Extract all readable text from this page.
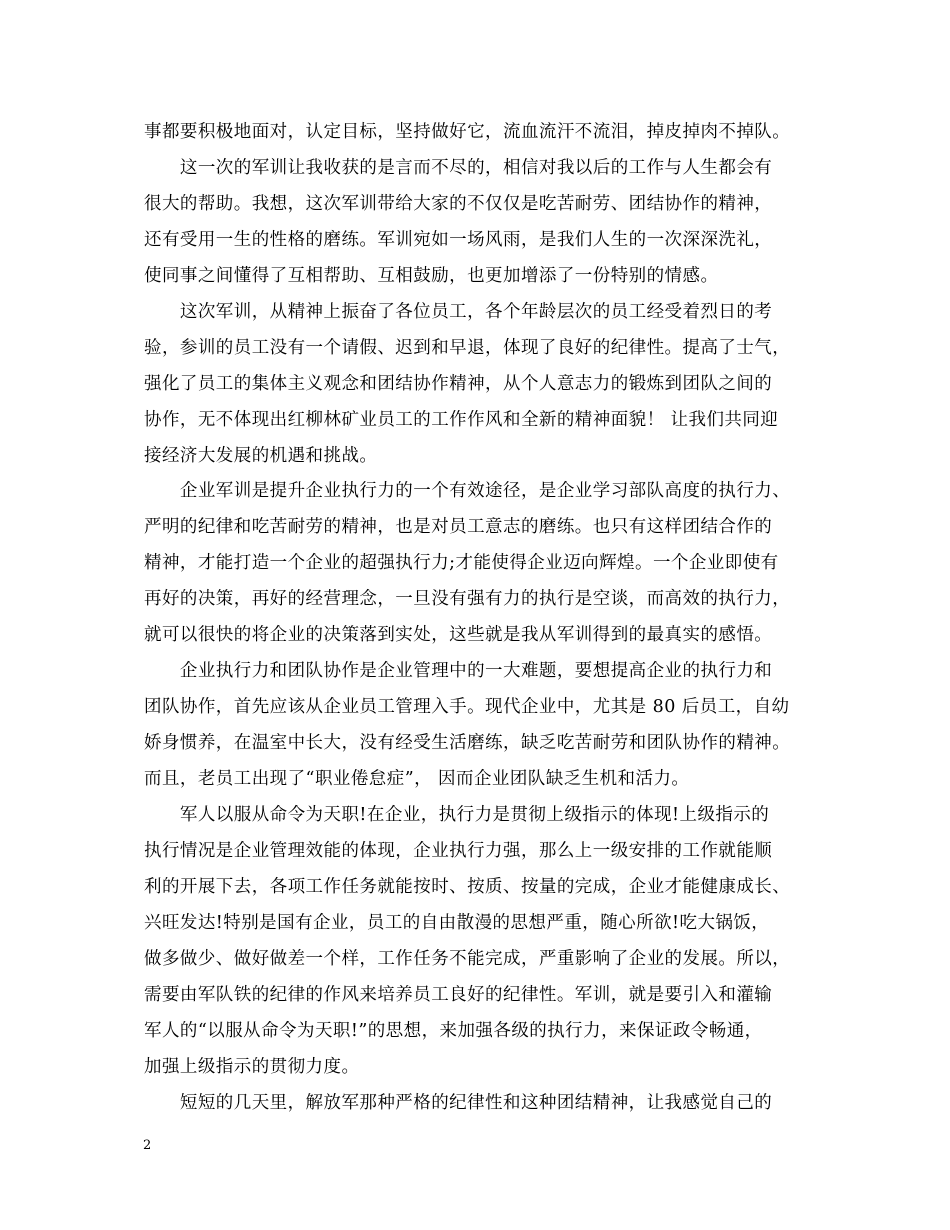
事都要积极地面对，认定目标，坚持做好它，流血流汗不流泪，掉皮掉肉不掉队。
　　这一次的军训让我收获的是言而不尽的，相信对我以后的工作与人生都会有
很大的帮助。我想，这次军训带给大家的不仅仅是吃苦耐劳、团结协作的精神，
还有受用一生的性格的磨练。军训宛如一场风雨，是我们人生的一次深深洗礼，
使同事之间懂得了互相帮助、互相鼓励，也更加增添了一份特别的情感。
　　这次军训，从精神上振奋了各位员工，各个年龄层次的员工经受着烈日的考
验，参训的员工没有一个请假、迟到和早退，体现了良好的纪律性。提高了士气，
强化了员工的集体主义观念和团结协作精神，从个人意志力的锻炼到团队之间的
协作，无不体现出红柳林矿业员工的工作作风和全新的精神面貌！ 让我们共同迎
接经济大发展的机遇和挑战。
　　企业军训是提升企业执行力的一个有效途径，是企业学习部队高度的执行力、
严明的纪律和吃苦耐劳的精神，也是对员工意志的磨练。也只有这样团结合作的
精神，才能打造一个企业的超强执行力;才能使得企业迈向辉煌。一个企业即使有
再好的决策，再好的经营理念，一旦没有强有力的执行是空谈，而高效的执行力，
就可以很快的将企业的决策落到实处，这些就是我从军训得到的最真实的感悟。
　　企业执行力和团队协作是企业管理中的一大难题，要想提高企业的执行力和
团队协作，首先应该从企业员工管理入手。现代企业中，尤其是 80 后员工，自幼
娇身惯养，在温室中长大，没有经受生活磨练，缺乏吃苦耐劳和团队协作的精神。
而且，老员工出现了“职业倦怠症”， 因而企业团队缺乏生机和活力。
　　军人以服从命令为天职!在企业，执行力是贯彻上级指示的体现!上级指示的
执行情况是企业管理效能的体现，企业执行力强，那么上一级安排的工作就能顺
利的开展下去，各项工作任务就能按时、按质、按量的完成，企业才能健康成长、
兴旺发达!特别是国有企业，员工的自由散漫的思想严重，随心所欲!吃大锅饭，
做多做少、做好做差一个样，工作任务不能完成，严重影响了企业的发展。所以，
需要由军队铁的纪律的作风来培养员工良好的纪律性。军训，就是要引入和灌输
军人的“以服从命令为天职!”的思想，来加强各级的执行力，来保证政令畅通，
加强上级指示的贯彻力度。
　　短短的几天里，解放军那种严格的纪律性和这种团结精神，让我感觉自己的
2
